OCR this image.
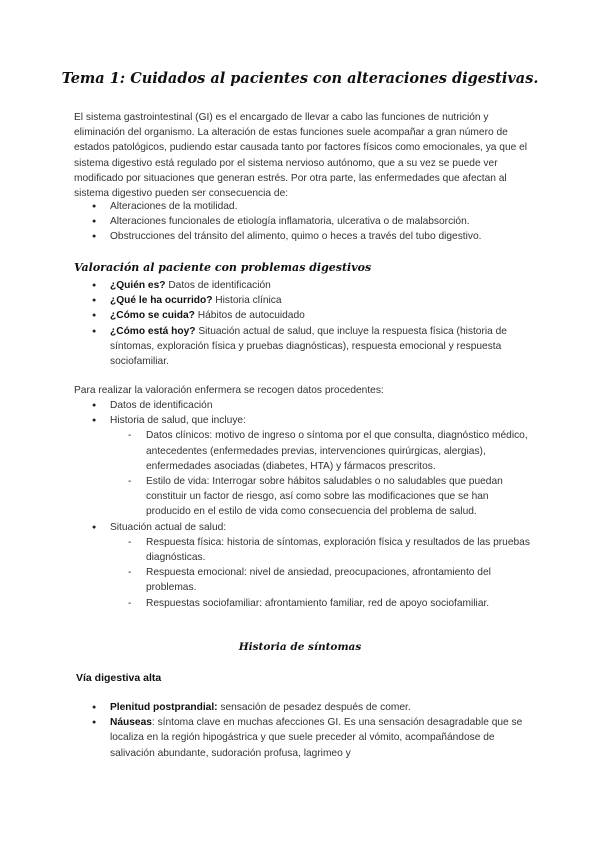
Tema 1: Cuidados al pacientes con alteraciones digestivas.

El sistema gastrointestinal (GI) es el encargado de llevar a cabo las funciones de nutrición y eliminación del organismo. La alteración de estas funciones suele acompañar a gran número de estados patológicos, pudiendo estar causada tanto por factores físicos como emocionales, ya que el sistema digestivo está regulado por el sistema nervioso autónomo, que a su vez se puede ver modificado por situaciones que generan estrés. Por otra parte, las enfermedades que afectan al sistema digestivo pueden ser consecuencia de:

● Alteraciones de la motilidad.
● Alteraciones funcionales de etiología inflamatoria, ulcerativa o de malabsorción.
● Obstrucciones del tránsito del alimento, quimo o heces a través del tubo digestivo.
Valoración al paciente con problemas digestivos
● ¿Quién es? Datos de identificación
● ¿Qué le ha ocurrido? Historia clínica
● ¿Cómo se cuida? Hábitos de autocuidado
● ¿Cómo está hoy? Situación actual de salud, que incluye la respuesta física (historia de síntomas, exploración física y pruebas diagnósticas), respuesta emocional y respuesta sociofamiliar.

Para realizar la valoración enfermera se recogen datos procedentes:

● Datos de identificación
● Historia de salud, que incluye:
- Datos clínicos: motivo de ingreso o síntoma por el que consulta, diagnóstico médico, antecedentes (enfermedades previas, intervenciones quirúrgicas, alergias), enfermedades asociadas (diabetes, HTA) y fármacos prescritos.
- Estilo de vida: Interrogar sobre hábitos saludables o no saludables que puedan constituir un factor de riesgo, así como sobre las modificaciones que se han producido en el estilo de vida como consecuencia del problema de salud.
● Situación actual de salud:
- Respuesta física: historia de síntomas, exploración física y resultados de las pruebas diagnósticas.
- Respuesta emocional: nivel de ansiedad, preocupaciones, afrontamiento del problemas.
- Respuestas sociofamiliar: afrontamiento familiar, red de apoyo sociofamiliar.
Historia de síntomas
Vía digestiva alta
● Plenitud postprandial: sensación de pesadez después de comer.
● Náuseas: síntoma clave en muchas afecciones GI. Es una sensación desagradable que se localiza en la región hipogástrica y que suele preceder al vómito, acompañándose de salivación abundante, sudoración profusa, lagrimeo y
